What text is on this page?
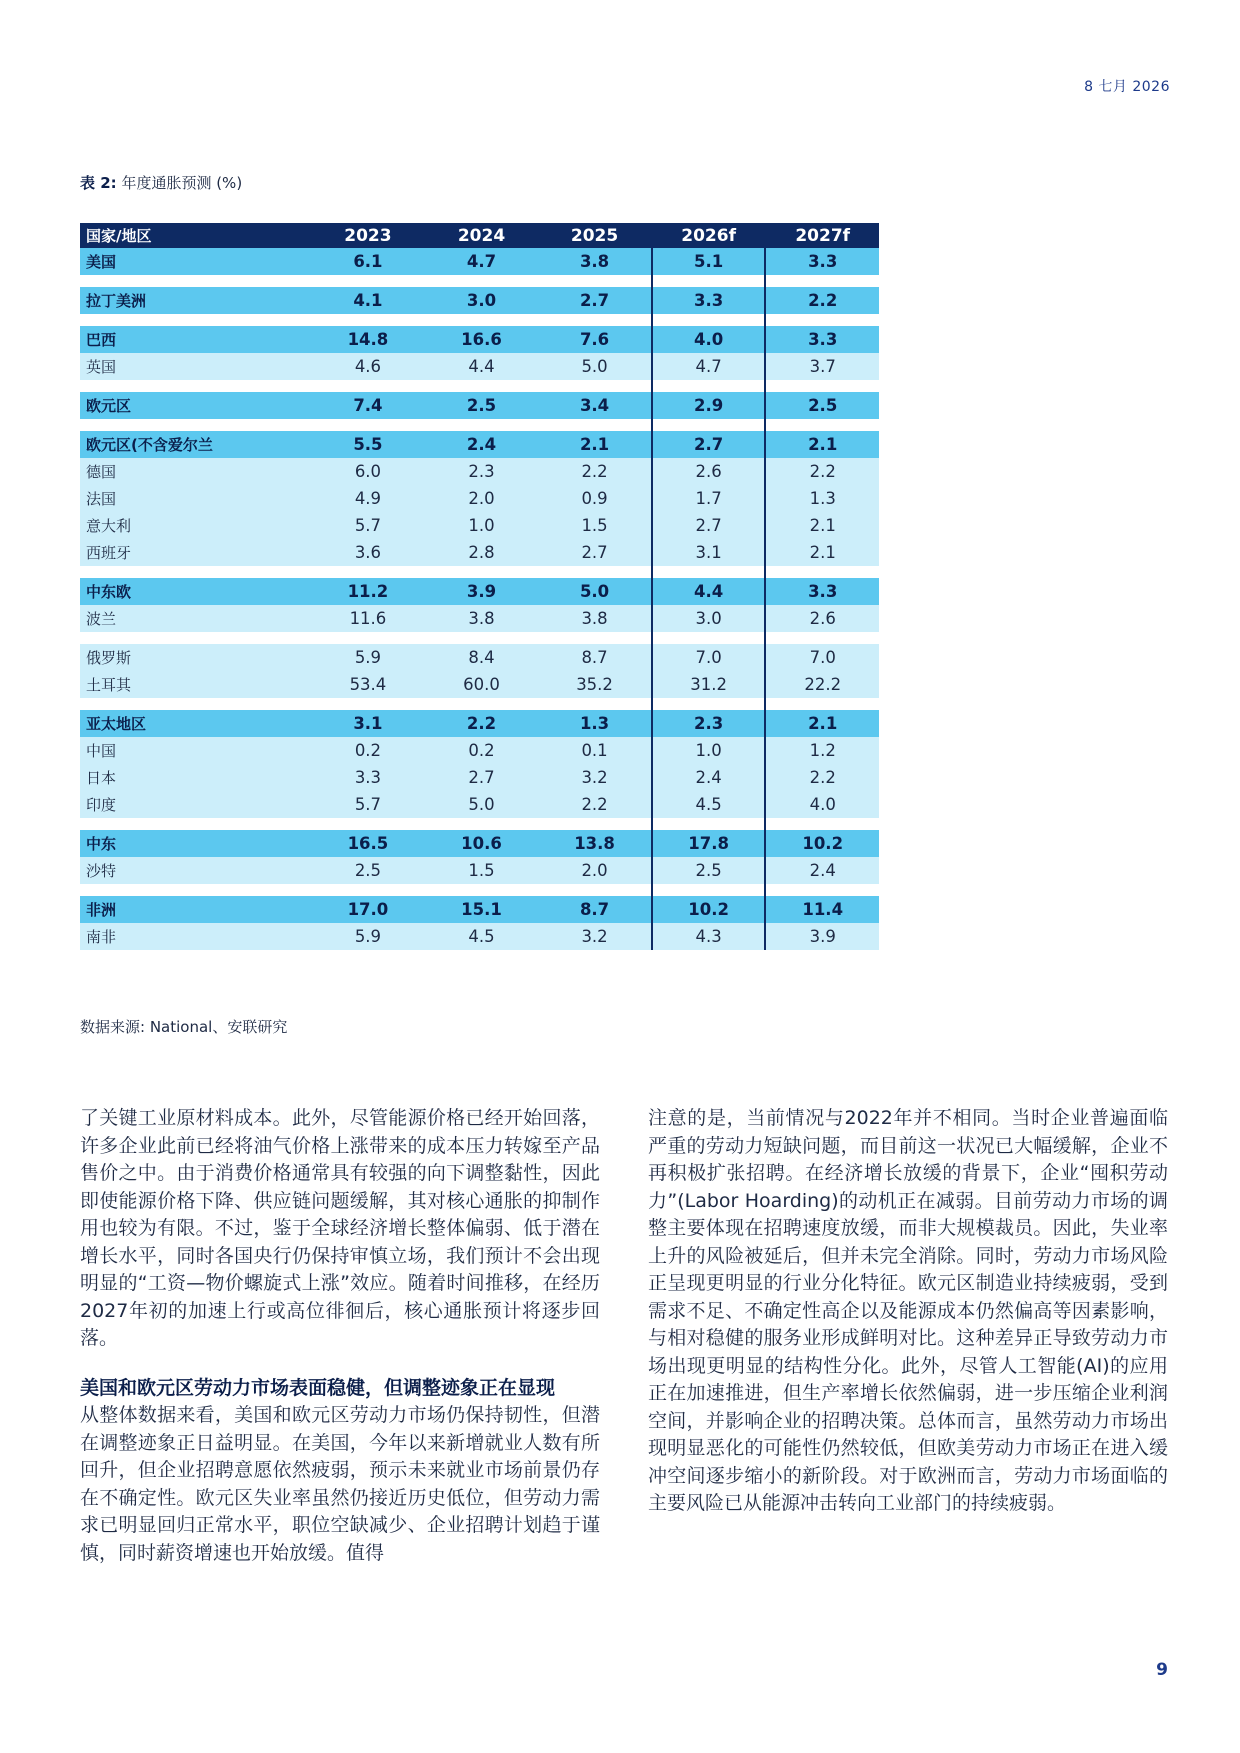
8 七月 2026
表 2: 年度通胀预测 (%)
国家/地区	2023	2024	2025	2026f	2027f
美国	6.1	4.7	3.8	5.1	3.3

拉丁美洲	4.1	3.0	2.7	3.3	2.2

巴西	14.8	16.6	7.6	4.0	3.3
英国	4.6	4.4	5.0	4.7	3.7

欧元区	7.4	2.5	3.4	2.9	2.5

欧元区(不含爱尔兰	5.5	2.4	2.1	2.7	2.1
德国	6.0	2.3	2.2	2.6	2.2
法国	4.9	2.0	0.9	1.7	1.3
意大利	5.7	1.0	1.5	2.7	2.1
西班牙	3.6	2.8	2.7	3.1	2.1

中东欧	11.2	3.9	5.0	4.4	3.3
波兰	11.6	3.8	3.8	3.0	2.6

俄罗斯	5.9	8.4	8.7	7.0	7.0
土耳其	53.4	60.0	35.2	31.2	22.2

亚太地区	3.1	2.2	1.3	2.3	2.1
中国	0.2	0.2	0.1	1.0	1.2
日本	3.3	2.7	3.2	2.4	2.2
印度	5.7	5.0	2.2	4.5	4.0

中东	16.5	10.6	13.8	17.8	10.2
沙特	2.5	1.5	2.0	2.5	2.4

非洲	17.0	15.1	8.7	10.2	11.4
南非	5.9	4.5	3.2	4.3	3.9
数据来源: National、安联研究

了关键工业原材料成本。此外，尽管能源价格已经开始回落，许多企业此前已经将油气价格上涨带来的成本压力转嫁至产品售价之中。由于消费价格通常具有较强的向下调整黏性，因此即使能源价格下降、供应链问题缓解，其对核心通胀的抑制作用也较为有限。不过，鉴于全球经济增长整体偏弱、低于潜在增长水平，同时各国央行仍保持审慎立场，我们预计不会出现明显的“工资—物价螺旋式上涨”效应。随着时间推移，在经历2027年初的加速上行或高位徘徊后，核心通胀预计将逐步回落。

美国和欧元区劳动力市场表面稳健，但调整迹象正在显现

从整体数据来看，美国和欧元区劳动力市场仍保持韧性，但潜在调整迹象正日益明显。在美国，今年以来新增就业人数有所回升，但企业招聘意愿依然疲弱，预示未来就业市场前景仍存在不确定性。欧元区失业率虽然仍接近历史低位，但劳动力需求已明显回归正常水平，职位空缺减少、企业招聘计划趋于谨慎，同时薪资增速也开始放缓。值得

注意的是，当前情况与2022年并不相同。当时企业普遍面临严重的劳动力短缺问题，而目前这一状况已大幅缓解，企业不再积极扩张招聘。在经济增长放缓的背景下，企业“囤积劳动力”(Labor Hoarding)的动机正在减弱。目前劳动力市场的调整主要体现在招聘速度放缓，而非大规模裁员。因此，失业率上升的风险被延后，但并未完全消除。同时，劳动力市场风险正呈现更明显的行业分化特征。欧元区制造业持续疲弱，受到需求不足、不确定性高企以及能源成本仍然偏高等因素影响，与相对稳健的服务业形成鲜明对比。这种差异正导致劳动力市场出现更明显的结构性分化。此外，尽管人工智能(AI)的应用正在加速推进，但生产率增长依然偏弱，进一步压缩企业利润空间，并影响企业的招聘决策。总体而言，虽然劳动力市场出现明显恶化的可能性仍然较低，但欧美劳动力市场正在进入缓冲空间逐步缩小的新阶段。对于欧洲而言，劳动力市场面临的主要风险已从能源冲击转向工业部门的持续疲弱。

9
